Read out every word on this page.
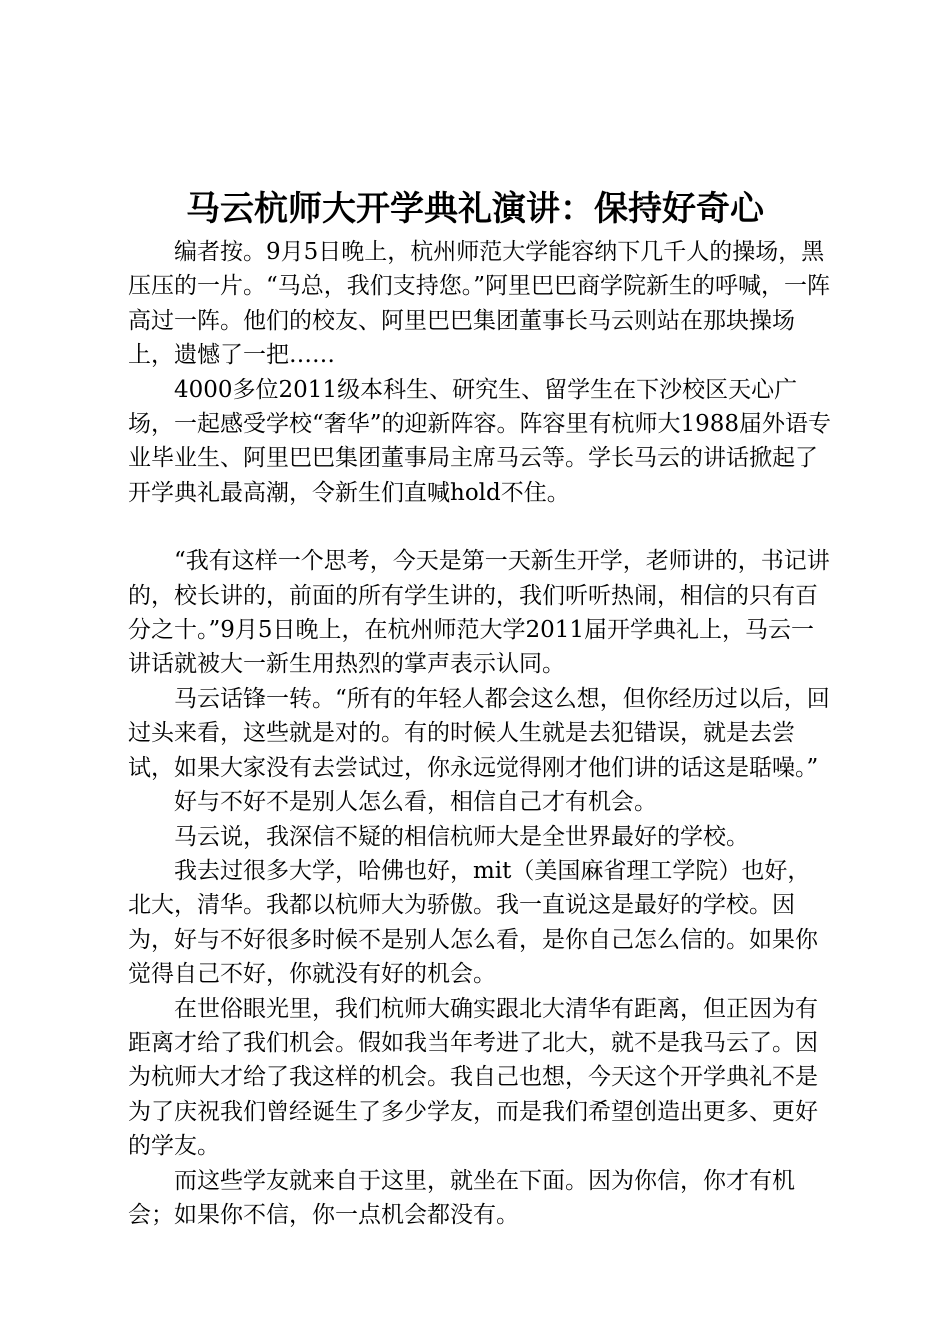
马云杭师大开学典礼演讲：保持好奇心

编者按。9月5日晚上，杭州师范大学能容纳下几千人的操场，黑压压的一片。“马总，我们支持您。”阿里巴巴商学院新生的呼喊，一阵高过一阵。他们的校友、阿里巴巴集团董事长马云则站在那块操场上，遗憾了一把……

4000多位2011级本科生、研究生、留学生在下沙校区天心广场，一起感受学校“奢华”的迎新阵容。阵容里有杭师大1988届外语专业毕业生、阿里巴巴集团董事局主席马云等。学长马云的讲话掀起了开学典礼最高潮，令新生们直喊hold不住。

“我有这样一个思考，今天是第一天新生开学，老师讲的，书记讲的，校长讲的，前面的所有学生讲的，我们听听热闹，相信的只有百分之十。”9月5日晚上，在杭州师范大学2011届开学典礼上，马云一讲话就被大一新生用热烈的掌声表示认同。

马云话锋一转。“所有的年轻人都会这么想，但你经历过以后，回过头来看，这些就是对的。有的时候人生就是去犯错误，就是去尝试，如果大家没有去尝试过，你永远觉得刚才他们讲的话这是聒噪。”

好与不好不是别人怎么看，相信自己才有机会。

马云说，我深信不疑的相信杭师大是全世界最好的学校。

我去过很多大学，哈佛也好，mit（美国麻省理工学院）也好，北大，清华。我都以杭师大为骄傲。我一直说这是最好的学校。因为，好与不好很多时候不是别人怎么看，是你自己怎么信的。如果你觉得自己不好，你就没有好的机会。

在世俗眼光里，我们杭师大确实跟北大清华有距离，但正因为有距离才给了我们机会。假如我当年考进了北大，就不是我马云了。因为杭师大才给了我这样的机会。我自己也想，今天这个开学典礼不是为了庆祝我们曾经诞生了多少学友，而是我们希望创造出更多、更好的学友。

而这些学友就来自于这里，就坐在下面。因为你信，你才有机会；如果你不信，你一点机会都没有。
